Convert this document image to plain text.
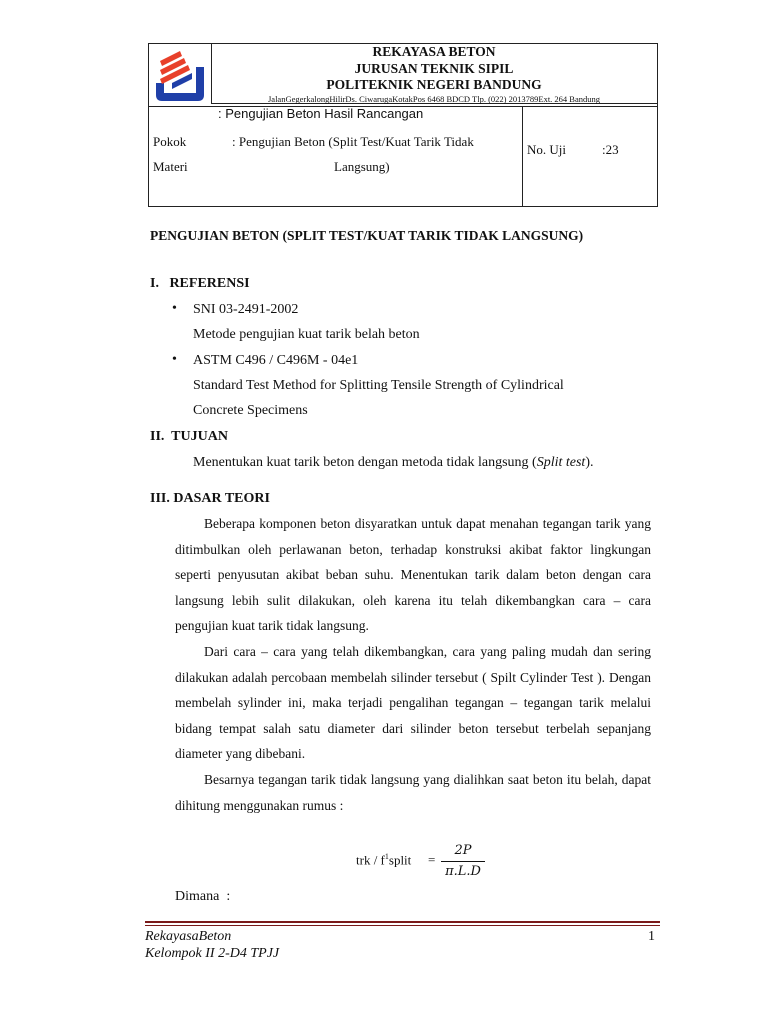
REKAYASA BETON
JURUSAN TEKNIK SIPIL
POLITEKNIK NEGERI BANDUNG
JalanGegerkalongHilirDs. CiwarugaKotakPos 6468 BDCD Tlp. (022) 2013789Ext. 264 Bandung
: Pengujian Beton Hasil Rancangan
Pokok
Materi
: Pengujian Beton (Split Test/Kuat Tarik Tidak
Langsung)
No. Uji	:23
PENGUJIAN BETON (SPLIT TEST/KUAT TARIK TIDAK LANGSUNG)
I.   REFERENSI
• SNI 03-2491-2002
Metode pengujian kuat tarik belah beton
• ASTM C496 / C496M - 04e1
Standard Test Method for Splitting Tensile Strength of Cylindrical
Concrete Specimens
II.  TUJUAN
Menentukan kuat tarik beton dengan metoda tidak langsung (Split test).
III. DASAR TEORI

Beberapa komponen beton disyaratkan untuk dapat menahan tegangan tarik yang ditimbulkan oleh perlawanan beton, terhadap konstruksi akibat faktor lingkungan seperti penyusutan akibat beban suhu. Menentukan tarik dalam beton dengan cara langsung lebih sulit dilakukan, oleh karena itu telah dikembangkan cara – cara pengujian kuat tarik tidak langsung.

Dari cara – cara yang telah dikembangkan, cara yang paling mudah dan sering dilakukan adalah percobaan membelah silinder tersebut ( Spilt Cylinder Test ). Dengan membelah sylinder ini, maka terjadi pengalihan tegangan – tegangan tarik melalui bidang tempat salah satu diameter dari silinder beton tersebut terbelah sepanjang diameter yang dibebani.

Besarnya tegangan tarik tidak langsung yang dialihkan saat beton itu belah, dapat dihitung menggunakan rumus :

trk / $f^1split$ =
2P
π.L.D
Dimana  :
RekayasaBeton
Kelompok II 2-D4 TPJJ
1
